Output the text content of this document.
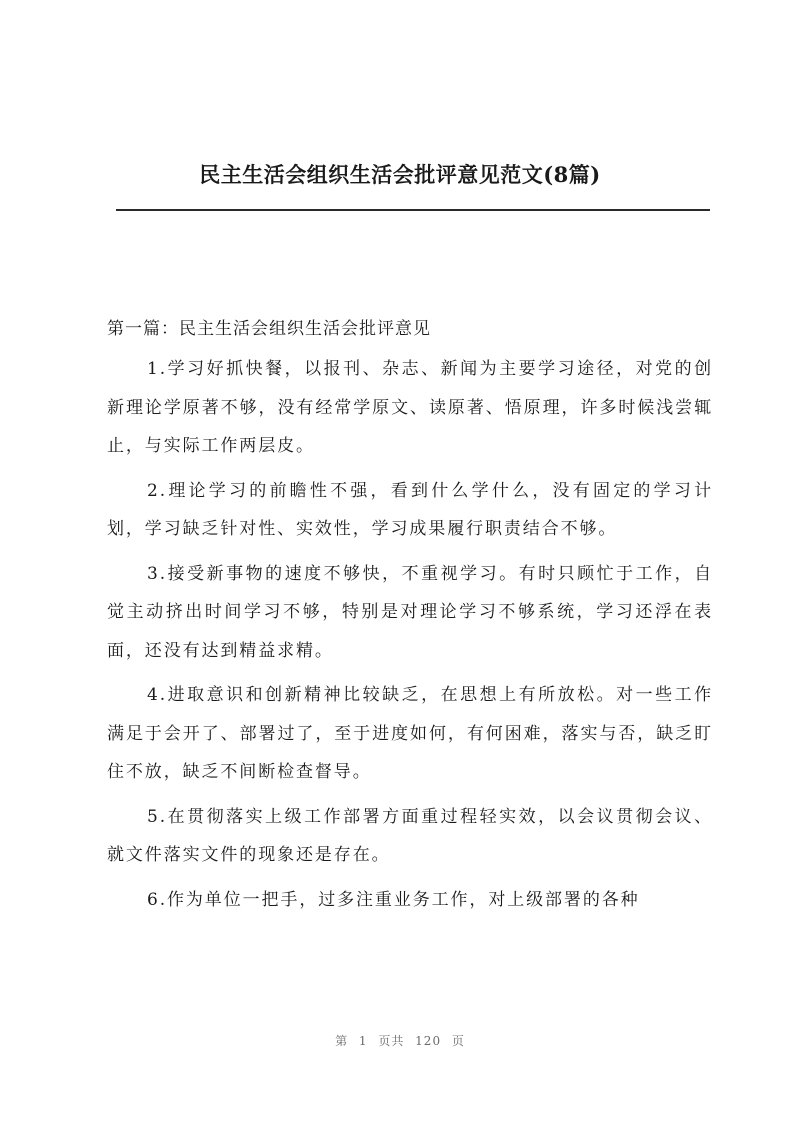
民主生活会组织生活会批评意见范文(8篇)
第一篇：民主生活会组织生活会批评意见

1.学习好抓快餐，以报刊、杂志、新闻为主要学习途径，对党的创新理论学原著不够，没有经常学原文、读原著、悟原理，许多时候浅尝辄止，与实际工作两层皮。

2.理论学习的前瞻性不强，看到什么学什么，没有固定的学习计划，学习缺乏针对性、实效性，学习成果履行职责结合不够。

3.接受新事物的速度不够快，不重视学习。有时只顾忙于工作，自觉主动挤出时间学习不够，特别是对理论学习不够系统，学习还浮在表面，还没有达到精益求精。

4.进取意识和创新精神比较缺乏，在思想上有所放松。对一些工作满足于会开了、部署过了，至于进度如何，有何困难，落实与否，缺乏盯住不放，缺乏不间断检查督导。

5.在贯彻落实上级工作部署方面重过程轻实效，以会议贯彻会议、就文件落实文件的现象还是存在。

6.作为单位一把手，过多注重业务工作，对上级部署的各种

第 1 页共 120 页
